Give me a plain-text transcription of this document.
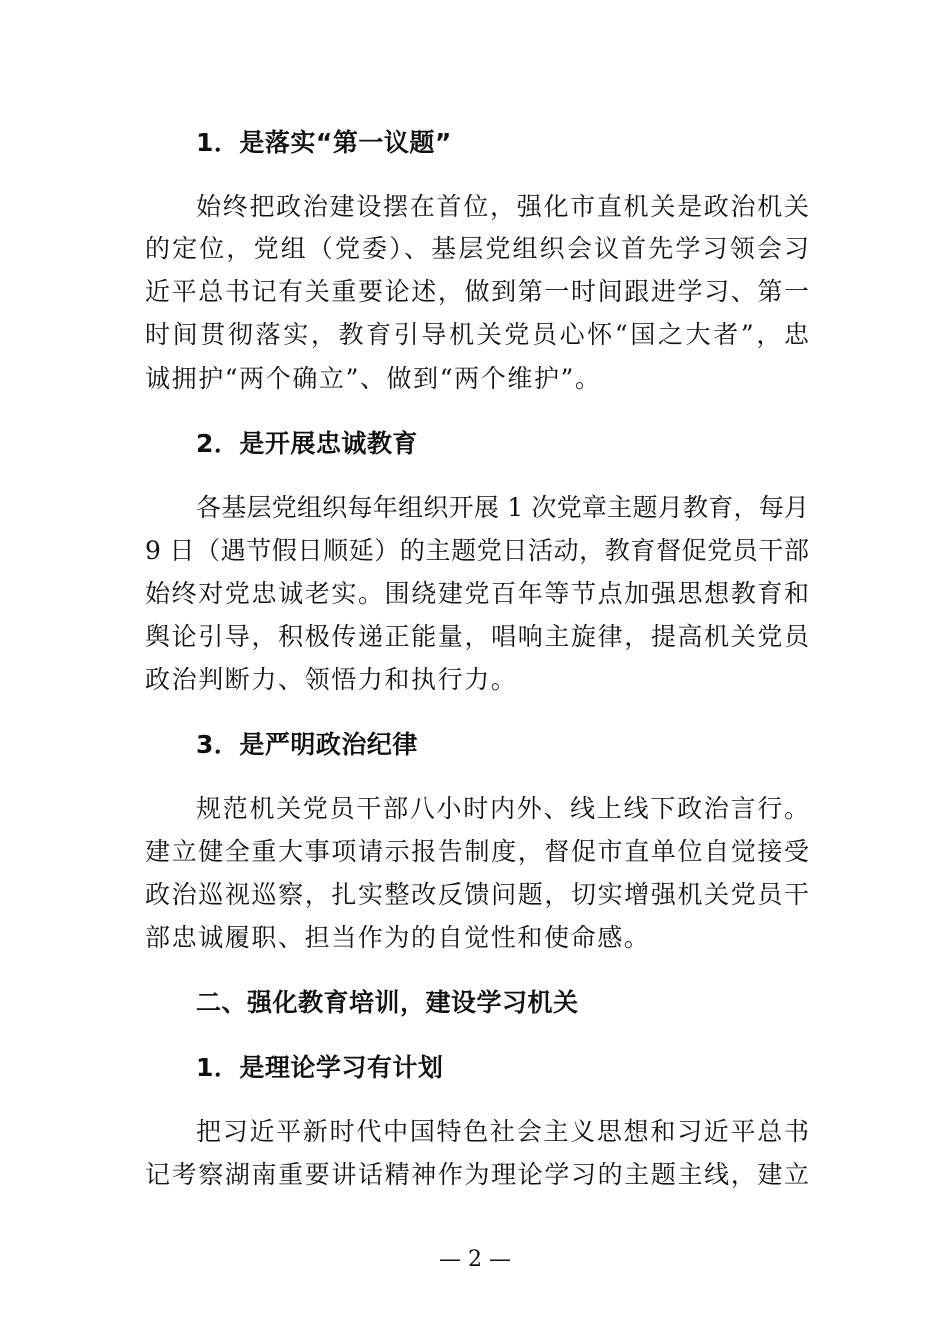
1．是落实“第一议题”
始终把政治建设摆在首位，强化市直机关是政治机关
的定位，党组（党委）、基层党组织会议首先学习领会习
近平总书记有关重要论述，做到第一时间跟进学习、第一
时间贯彻落实，教育引导机关党员心怀“国之大者”，忠
诚拥护“两个确立”、做到“两个维护”。
2．是开展忠诚教育
各基层党组织每年组织开展 1 次党章主题月教育，每月
9 日（遇节假日顺延）的主题党日活动，教育督促党员干部
始终对党忠诚老实。围绕建党百年等节点加强思想教育和
舆论引导，积极传递正能量，唱响主旋律，提高机关党员
政治判断力、领悟力和执行力。
3．是严明政治纪律
规范机关党员干部八小时内外、线上线下政治言行。
建立健全重大事项请示报告制度，督促市直单位自觉接受
政治巡视巡察，扎实整改反馈问题，切实增强机关党员干
部忠诚履职、担当作为的自觉性和使命感。
二、强化教育培训，建设学习机关
1．是理论学习有计划
把习近平新时代中国特色社会主义思想和习近平总书
记考察湖南重要讲话精神作为理论学习的主题主线，建立
— 2 —
